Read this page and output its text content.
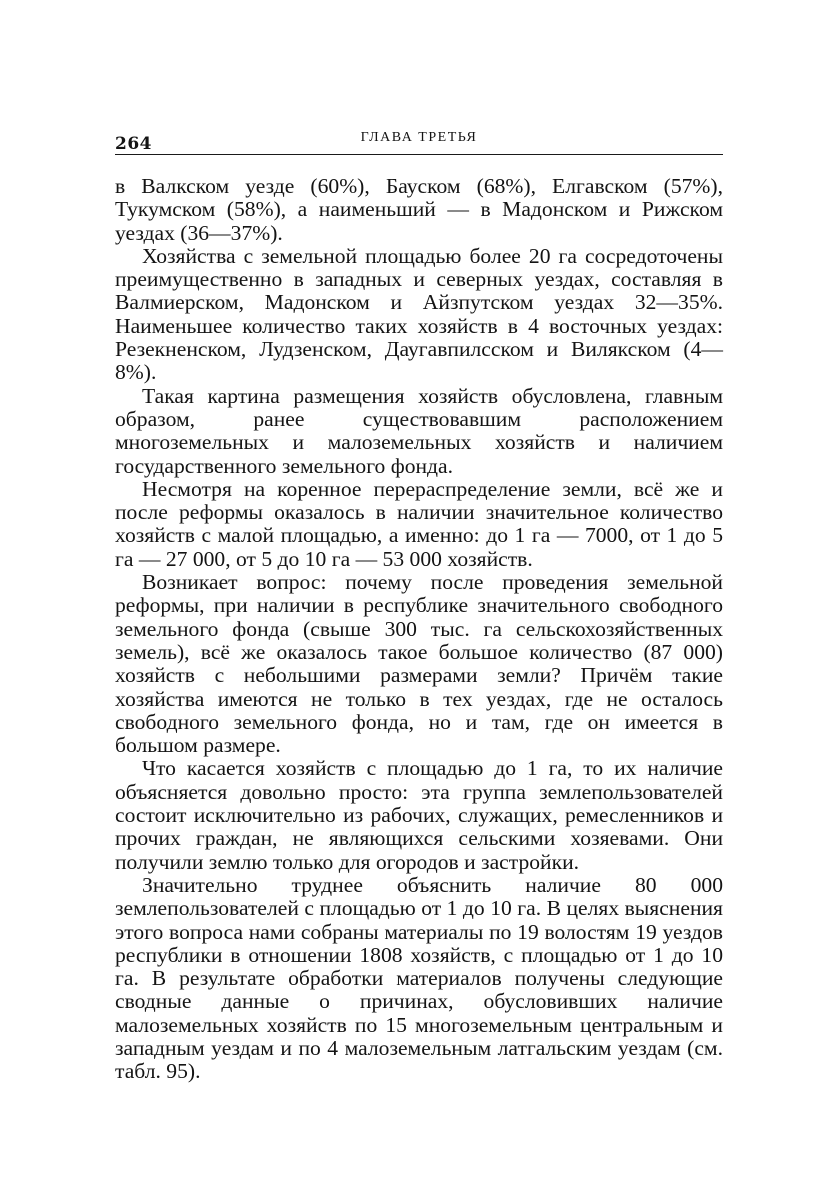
264	ГЛАВА ТРЕТЬЯ

в Валкском уезде (60%), Бауском (68%), Елгавском (57%), Тукумском (58%), а наименьший — в Мадонском и Рижском уездах (36—37%).

Хозяйства с земельной площадью более 20 га сосредоточены преимущественно в западных и северных уездах, составляя в Валмиерском, Мадонском и Айзпутском уездах 32—35%. Наименьшее количество таких хозяйств в 4 восточных уездах: Резекненском, Лудзенском, Даугавпилсском и Вилякском (4—8%).

Такая картина размещения хозяйств обусловлена, главным образом, ранее существовавшим расположением многоземельных и малоземельных хозяйств и наличием государственного земельного фонда.

Несмотря на коренное перераспределение земли, всё же и после реформы оказалось в наличии значительное количество хозяйств с малой площадью, а именно: до 1 га — 7000, от 1 до 5 га — 27 000, от 5 до 10 га — 53 000 хозяйств.

Возникает вопрос: почему после проведения земельной реформы, при наличии в республике значительного свободного земельного фонда (свыше 300 тыс. га сельскохозяйственных земель), всё же оказалось такое большое количество (87 000) хозяйств с небольшими размерами земли? Причём такие хозяйства имеются не только в тех уездах, где не осталось свободного земельного фонда, но и там, где он имеется в большом размере.

Что касается хозяйств с площадью до 1 га, то их наличие объясняется довольно просто: эта группа землепользователей состоит исключительно из рабочих, служащих, ремесленников и прочих граждан, не являющихся сельскими хозяевами. Они получили землю только для огородов и застройки.

Значительно труднее объяснить наличие 80 000 землепользователей с площадью от 1 до 10 га. В целях выяснения этого вопроса нами собраны материалы по 19 волостям 19 уездов республики в отношении 1808 хозяйств, с площадью от 1 до 10 га. В результате обработки материалов получены следующие сводные данные о причинах, обусловивших наличие малоземельных хозяйств по 15 многоземельным центральным и западным уездам и по 4 малоземельным латгальским уездам (см. табл. 95).
